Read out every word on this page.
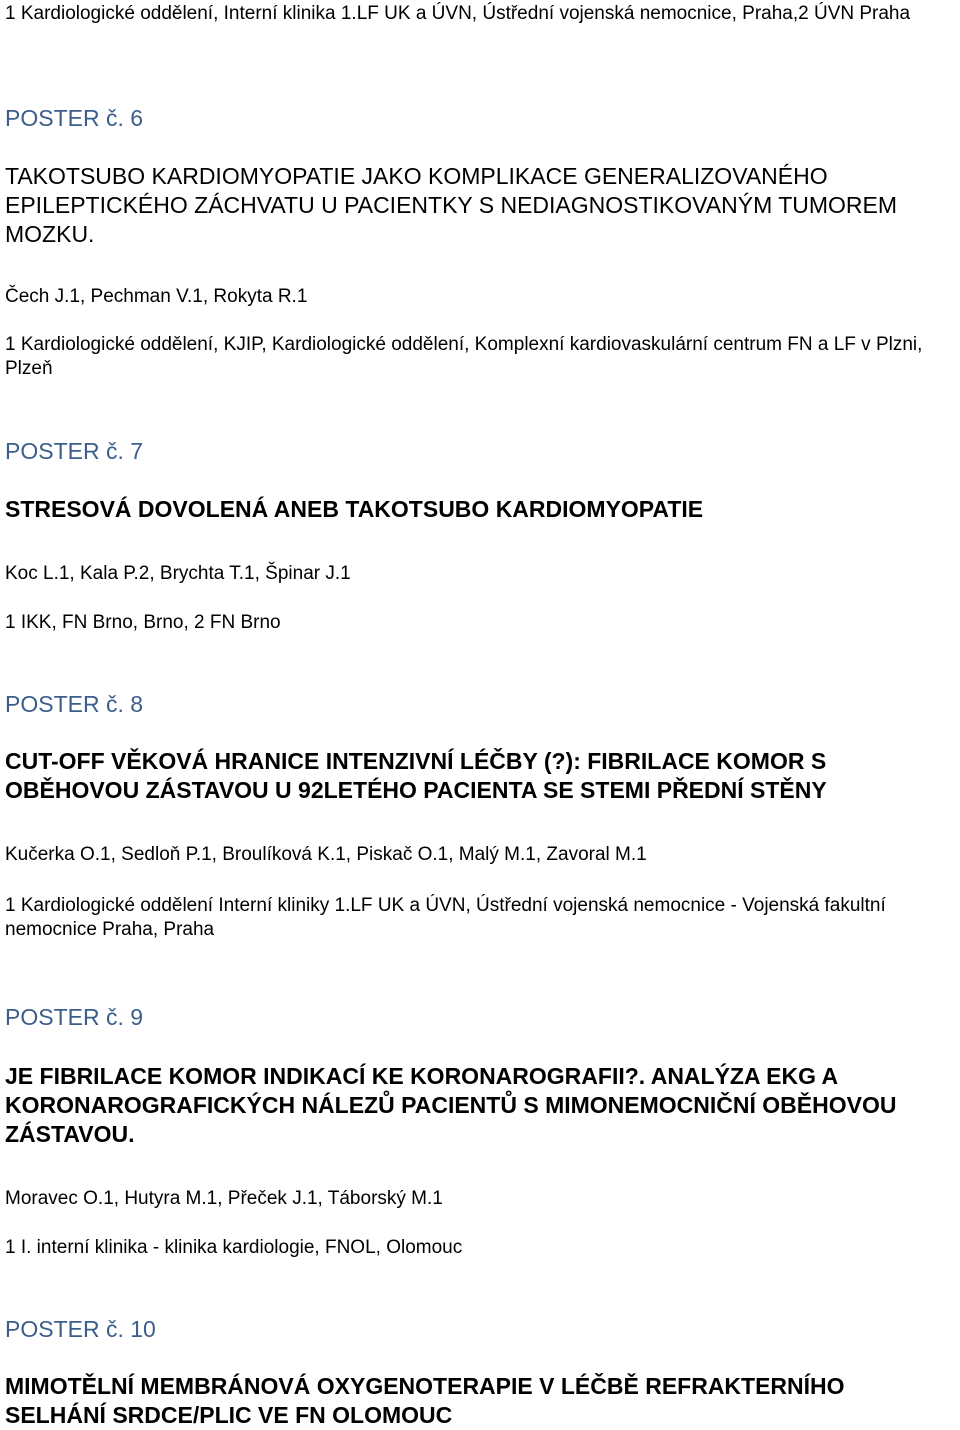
1 Kardiologické oddělení, Interní klinika 1.LF UK a ÚVN, Ústřední vojenská nemocnice, Praha,2 ÚVN Praha

POSTER č. 6

TAKOTSUBO KARDIOMYOPATIE JAKO KOMPLIKACE GENERALIZOVANÉHO EPILEPTICKÉHO ZÁCHVATU U PACIENTKY S NEDIAGNOSTIKOVANÝM TUMOREM MOZKU.

Čech J.1, Pechman V.1, Rokyta R.1

1 Kardiologické oddělení, KJIP, Kardiologické oddělení, Komplexní kardiovaskulární centrum FN a LF v Plzni, Plzeň

POSTER č. 7

STRESOVÁ DOVOLENÁ ANEB TAKOTSUBO KARDIOMYOPATIE

Koc L.1, Kala P.2, Brychta T.1, Špinar J.1

1 IKK, FN Brno, Brno, 2 FN Brno

POSTER č. 8

CUT-OFF VĚKOVÁ HRANICE INTENZIVNÍ LÉČBY (?): FIBRILACE KOMOR S OBĚHOVOU ZÁSTAVOU U 92LETÉHO PACIENTA SE STEMI PŘEDNÍ STĚNY

Kučerka O.1, Sedloň P.1, Broulíková K.1, Piskač O.1, Malý M.1, Zavoral M.1

1 Kardiologické oddělení Interní kliniky 1.LF UK a ÚVN, Ústřední vojenská nemocnice - Vojenská fakultní nemocnice Praha, Praha

POSTER č. 9

JE FIBRILACE KOMOR INDIKACÍ KE KORONAROGRAFII?. ANALÝZA EKG A KORONAROGRAFICKÝCH NÁLEZŮ PACIENTŮ S MIMONEMOCNIČNÍ OBĚHOVOU ZÁSTAVOU.

Moravec O.1, Hutyra M.1, Přeček J.1, Táborský M.1

1 I. interní klinika - klinika kardiologie, FNOL, Olomouc

POSTER č. 10

MIMOTĚLNÍ MEMBRÁNOVÁ OXYGENOTERAPIE V LÉČBĚ REFRAKTERNÍHO SELHÁNÍ SRDCE/PLIC VE FN OLOMOUC
